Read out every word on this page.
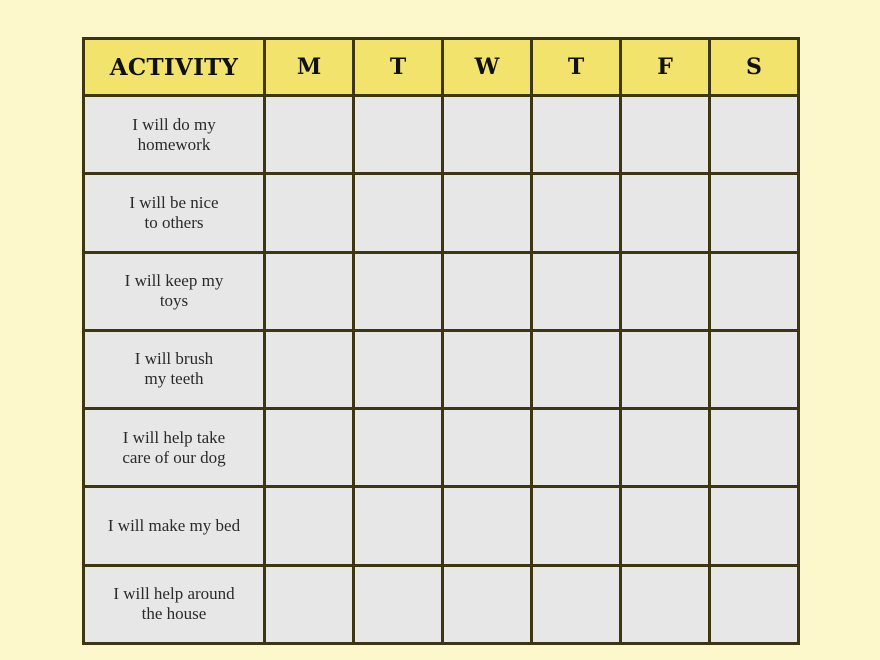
ACTIVITY	M	T	W	T	F	S

I will do my
homework						

I will be nice
to others						

I will keep my
toys						

I will brush
my teeth						

I will help take
care of our dog						

I will make my bed						

I will help around
the house						
